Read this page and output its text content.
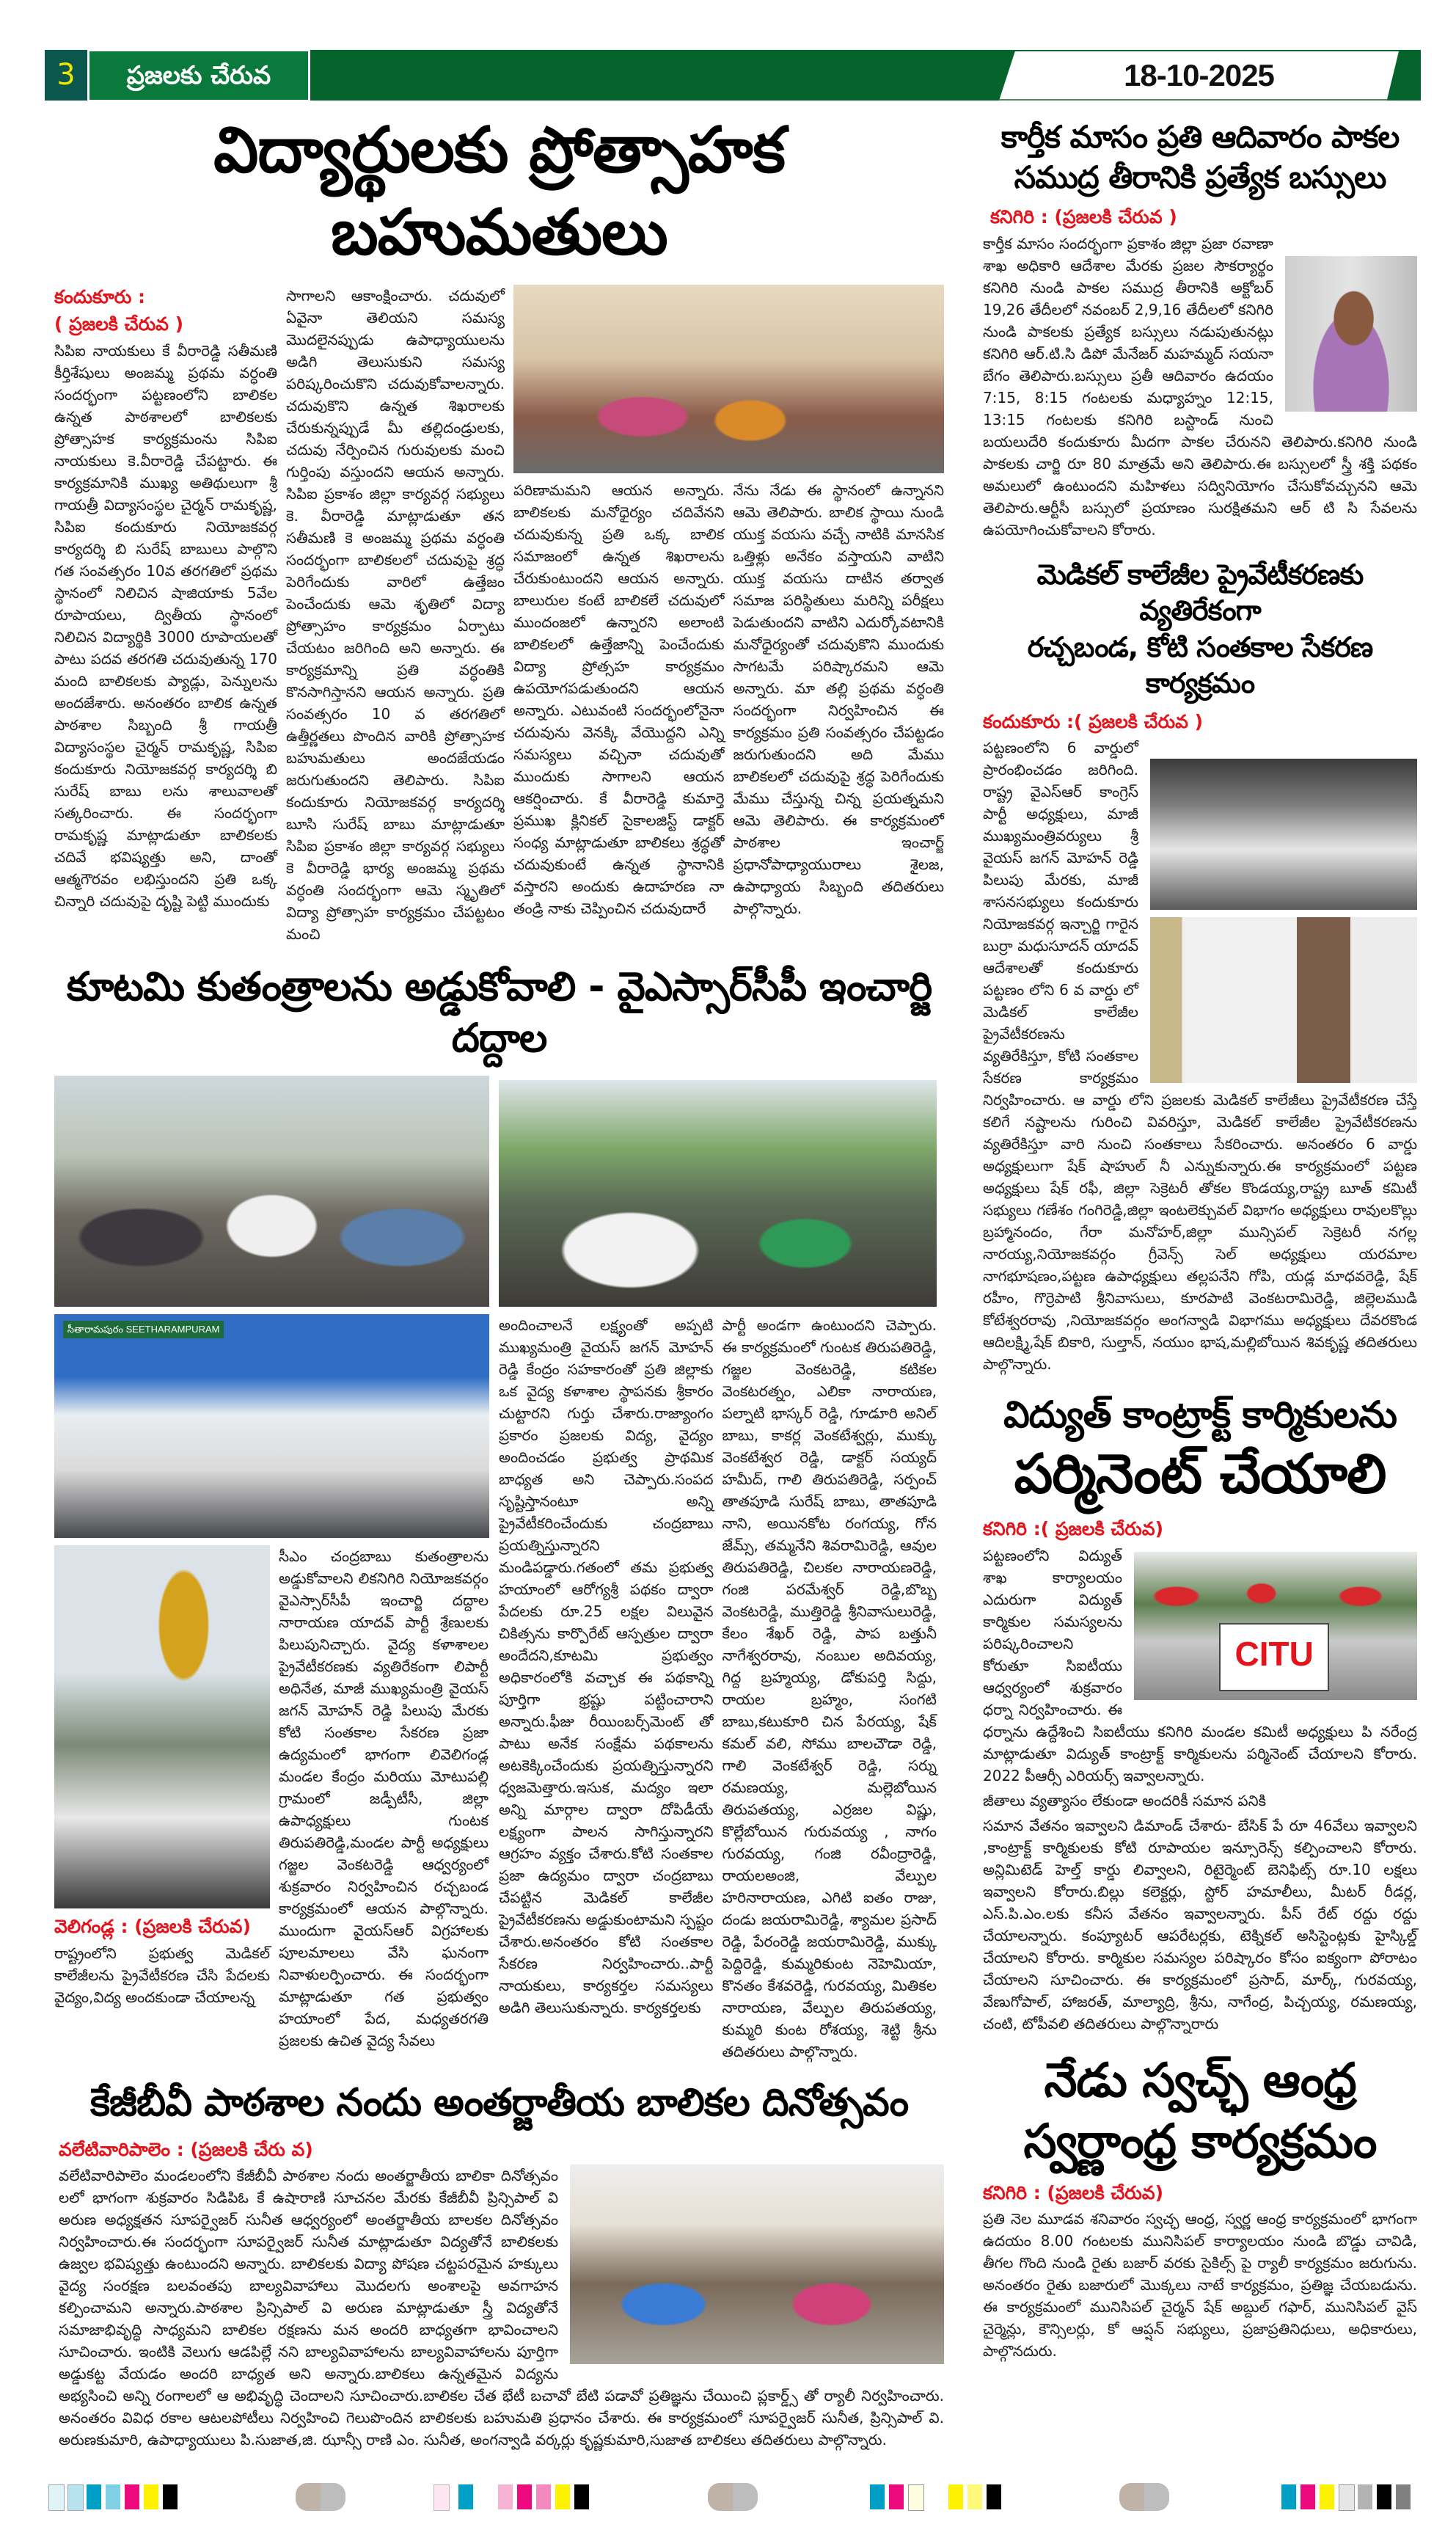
3	ప్రజలకు చేరువ	18-10-2025
విద్యార్థులకు ప్రోత్సాహక బహుమతులు
కందుకూరు :
( ప్రజలకి చేరువ )

సిపిఐ నాయకులు కే వీరారెడ్డి సతీమణి కీర్తిశేషులు అంజమ్మ ప్రథమ వర్ధంతి సందర్భంగా పట్టణంలోని బాలికల ఉన్నత పాఠశాలలో బాలికలకు ప్రోత్సాహక కార్యక్రమంను సిపిఐ నాయకులు కె.వీరారెడ్డి చేపట్టారు. ఈ కార్యక్రమానికి ముఖ్య అతిథులుగా శ్రీ గాయత్రీ విద్యాసంస్థల చైర్మన్ రామకృష్ణ, సిపిఐ కందుకూరు నియోజకవర్గ కార్యదర్శి బి సురేష్ బాబులు పాల్గొని గత సంవత్సరం 10వ తరగతిలో ప్రథమ స్థానంలో నిలిచిన షాజియాకు 5వేల రూపాయలు, ద్వితీయ స్థానంలో నిలిచిన విద్యార్థికి 3000 రూపాయలతో పాటు పదవ తరగతి చదువుతున్న 170 మంది బాలికలకు ప్యాడ్లు, పెన్నులను అందజేశారు. అనంతరం బాలిక ఉన్నత పాఠశాల సిబ్బంది శ్రీ గాయత్రీ విద్యాసంస్థల చైర్మన్ రామకృష్ణ, సిపిఐ కందుకూరు నియోజకవర్గ కార్యదర్శి బి సురేష్ బాబు లను శాలువాలతో సత్కరించారు. ఈ సందర్భంగా రామకృష్ణ మాట్లాడుతూ బాలికలకు చదివే భవిష్యత్తు అని, దాంతో ఆత్మగౌరవం లభిస్తుందని ప్రతి ఒక్క చిన్నారి చదువుపై దృష్టి పెట్టి ముందుకు

సాగాలని ఆకాంక్షించారు. చదువులో ఏవైనా తెలియని సమస్య మొదలైనప్పుడు ఉపాధ్యాయులను అడిగి తెలుసుకుని సమస్య పరిష్కరించుకొని చదువుకోవాలన్నారు. చదువుకొని ఉన్నత శిఖరాలకు చేరుకున్నప్పుడే మీ తల్లిదండ్రులకు, చదువు నేర్పించిన గురువులకు మంచి గుర్తింపు వస్తుందని ఆయన అన్నారు. సిపిఐ ప్రకాశం జిల్లా కార్యవర్గ సభ్యులు కె. వీరారెడ్డి మాట్లాడుతూ తన సతీమణి కె అంజమ్మ ప్రథమ వర్ధంతి సందర్భంగా బాలికలలో చదువుపై శ్రద్ధ పెరిగేందుకు వారిలో ఉత్తేజం పెంచేందుకు ఆమె శృతిలో విద్యా ప్రోత్సాహం కార్యక్రమం ఏర్పాటు చేయటం జరిగింది అని అన్నారు. ఈ కార్యక్రమాన్ని ప్రతి వర్ధంతికి కొనసాగిస్తానని ఆయన అన్నారు. ప్రతి సంవత్సరం 10 వ తరగతిలో ఉత్తీర్ణతలు పొందిన వారికి ప్రోత్సాహక బహుమతులు అందజేయడం జరుగుతుందని తెలిపారు. సిపిఐ కందుకూరు నియోజకవర్గ కార్యదర్శి బూసి సురేష్ బాబు మాట్లాడుతూ సిపిఐ ప్రకాశం జిల్లా కార్యవర్గ సభ్యులు కె వీరారెడ్డి భార్య అంజమ్మ ప్రథమ వర్ధంతి సందర్భంగా ఆమె స్మృతిలో విద్యా ప్రోత్సాహ కార్యక్రమం చేపట్టటం మంచి

పరిణామమని ఆయన అన్నారు. బాలికలకు మనోధైర్యం చదివేనని చదువుకున్న ప్రతి ఒక్క బాలిక సమాజంలో ఉన్నత శిఖరాలను చేరుకుంటుందని ఆయన అన్నారు. బాలురుల కంటే బాలికలే చదువులో ముందంజలో ఉన్నారని అలాంటి బాలికలలో ఉత్తేజాన్ని పెంచేందుకు విద్యా ప్రోత్సహ కార్యక్రమం ఉపయోగపడుతుందని ఆయన అన్నారు. ఎటువంటి సందర్భంలోనైనా చదువును వెనక్కి వేయొద్దని ఎన్ని సమస్యలు వచ్చినా చదువుతో ముందుకు సాగాలని ఆయన ఆకర్షించారు. కే వీరారెడ్డి కుమార్తె ప్రముఖ క్లినికల్ సైకాలజిస్ట్ డాక్టర్ సంధ్య మాట్లాడుతూ బాలికలు శ్రద్ధతో చదువుకుంటే ఉన్నత స్థానానికి వస్తారని అందుకు ఉదాహరణ నా తండ్రి నాకు చెప్పించిన చదువుదారే

నేను నేడు ఈ స్థానంలో ఉన్నానని ఆమె తెలిపారు. బాలిక స్థాయి నుండి యుక్త వయసు వచ్చే నాటికి మానసిక ఒత్తిళ్లు అనేకం వస్తాయని వాటిని యుక్త వయసు దాటిన తర్వాత సమాజ పరిస్థితులు మరిన్ని పరీక్షలు పెడుతుందని వాటిని ఎదుర్కోవటానికి మనోధైర్యంతో చదువుకొని ముందుకు సాగటమే పరిష్కారమని ఆమె అన్నారు. మా తల్లి ప్రథమ వర్ధంతి సందర్భంగా నిర్వహించిన ఈ కార్యక్రమం ప్రతి సంవత్సరం చేపట్టడం జరుగుతుందని అది మేము బాలికలలో చదువుపై శ్రద్ధ పెరిగేందుకు మేము చేస్తున్న చిన్న ప్రయత్నమని ఆమె తెలిపారు. ఈ కార్యక్రమంలో పాఠశాల ఇంచార్జ్ ప్రధానోపాధ్యాయురాలు శైలజ, ఉపాధ్యాయ సిబ్బంది తదితరులు పాల్గొన్నారు.

కూటమి కుతంత్రాలను అడ్డుకోవాలి - వైఎస్సార్‌సీపీ ఇంచార్జి దద్దాల
సీతారామపురం SEETHARAMPURAM
వెలిగండ్ల : (ప్రజలకి చేరువ)

రాష్ట్రంలోని ప్రభుత్వ మెడికల్ కాలేజీలను ప్రైవేటీకరణ చేసి పేదలకు వైద్యం,విద్య అందకుండా చేయాలన్న

సీఎం చంద్రబాబు కుతంత్రాలను అడ్డుకోవాలని లికనిగిరి నియోజకవర్గం వైఎస్సార్‌సీపీ ఇంచార్జి దద్దాల నారాయణ యాదవ్ పార్టీ శ్రేణులకు పిలుపునిచ్చారు. వైద్య కళాశాలల ప్రైవేటీకరణకు వ్యతిరేకంగా లిపార్టీ అధినేత, మాజీ ముఖ్యమంత్రి వైయస్ జగన్ మోహన్ రెడ్డి పిలుపు మేరకు కోటి సంతకాల సేకరణ ప్రజా ఉద్యమంలో భాగంగా లివెలిగండ్ల మండల కేంద్రం మరియు మోటుపల్లి గ్రామంలో జడ్పీటీసీ, జిల్లా ఉపాధ్యక్షులు గుంటక తిరుపతిరెడ్డి,మండల పార్టీ అధ్యక్షులు గజ్జల వెంకటరెడ్డి ఆధ్వర్యంలో శుక్రవారం నిర్వహించిన రచ్చబండ కార్యక్రమంలో ఆయన పాల్గొన్నారు. ముందుగా వైయస్ఆర్ విగ్రహాలకు పూలమాలలు వేసి ఘనంగా నివాళులర్పించారు. ఈ సందర్భంగా మాట్లాడుతూ గత ప్రభుత్వం హయాంలో పేద, మధ్యతరగతి ప్రజలకు ఉచిత వైద్య సేవలు

అందించాలనే లక్ష్యంతో అప్పటి ముఖ్యమంత్రి వైయస్ జగన్ మోహన్ రెడ్డి కేంద్రం సహకారంతో ప్రతి జిల్లాకు ఒక వైద్య కళాశాల స్థాపనకు శ్రీకారం చుట్టారని గుర్తు చేశారు.రాజ్యాంగం ప్రకారం ప్రజలకు విద్య, వైద్యం అందించడం ప్రభుత్వ ప్రాథమిక బాధ్యత అని చెప్పారు.సంపద సృష్టిస్తానంటూ అన్ని ప్రైవేటీకరించేందుకు చంద్రబాబు ప్రయత్నిస్తున్నారని మండిపడ్డారు.గతంలో తమ ప్రభుత్వ హయాంలో ఆరోగ్యశ్రీ పథకం ద్వారా పేదలకు రూ.25 లక్షల విలువైన చికిత్సను కార్పొరేట్ ఆస్పత్రుల ద్వారా అందేదని,కూటమి ప్రభుత్వం అధికారంలోకి వచ్చాక ఈ పథకాన్ని పూర్తిగా భ్రష్టు పట్టించారాని అన్నారు.ఫీజు రీయింబర్స్‌మెంట్ తో పాటు అనేక సంక్షేమ పథకాలను అటకెక్కించేందుకు ప్రయత్నిస్తున్నారని ధ్వజమెత్తారు.ఇసుక, మద్యం ఇలా అన్ని మార్గాల ద్వారా దోపిడీయే లక్ష్యంగా పాలన సాగిస్తున్నారని ఆగ్రహం వ్యక్తం చేశారు.కోటి సంతకాల ప్రజా ఉద్యమం ద్వారా చంద్రబాబు చేపట్టిన మెడికల్ కాలేజీల ప్రైవేటీకరణను అడ్డుకుంటామని స్పష్టం చేశారు.అనంతరం కోటి సంతకాల సేకరణ నిర్వహించారు..పార్టీ నాయకులు, కార్యకర్తల సమస్యలు అడిగి తెలుసుకున్నారు. కార్యకర్తలకు

పార్టీ అండగా ఉంటుందని చెప్పారు. ఈ కార్యక్రమంలో గుంటక తిరుపతిరెడ్డి, గజ్జల వెంకటరెడ్డి, కటికల వెంకటరత్నం, ఎలికా నారాయణ, పల్నాటి భాస్కర్ రెడ్డి, గూడూరి అనిల్ బాబు, కాకర్ల వెంకటేశ్వర్లు, ముక్కు వెంకటేశ్వర రెడ్డి, డాక్టర్ సయ్యద్ హమీద్, గాలి తిరుపతిరెడ్డి, సర్పంచ్ తాతపూడి సురేష్ బాబు, తాతపూడి నాని, అయినకోట రంగయ్య, గోన జేమ్స్, తమ్మనేని శివరామిరెడ్డి, ఆవుల తిరుపతిరెడ్డి, చిలకల నారాయణరెడ్డి, గంజి పరమేశ్వర్ రెడ్డి,బొబ్బ వెంకటరెడ్డి, ముత్తిరెడ్డి శ్రీనివాసులురెడ్డి, కేలం శేఖర్ రెడ్డి, పాప బత్తునీ నాగేశ్వరరావు, నంబుల అదివయ్య, గిద్ద బ్రహ్మయ్య, డోకుపర్తి సిద్దు, రాయల బ్రహ్మం, సంగటి బాబు,కటుకూరి చిన పేరయ్య, షేక్ కమల్ వలి, సోము బాలచౌడా రెడ్డి, గాలి వెంకటేశ్వర్ రెడ్డి, సర్ను రమణయ్య, మల్లెబోయిన తిరుపతయ్య, ఎర్రజల విష్ణు, కొల్లేబోయిన గురువయ్య , నాగం గురవయ్య, గంజి రవీంద్రారెడ్డి, రాయలఅంజి, వేల్పుల హరినారాయణ, ఎగిటి ఐతం రాజు, దండు జయరామిరెడ్డి, శ్యామల ప్రసాద్ రెడ్డి, పేరంరెడ్డి జయరామిరెడ్డి, ముక్కు పెద్దిరెడ్డి, కుమ్మరికుంట నెహెమియా, కొనతం కేశవరెడ్డి, గురవయ్య, మితికల నారాయణ, వేల్పుల తిరుపతయ్య, కుమ్మరి కుంట రోశయ్య, శెట్టి శ్రీను తదితరులు పాల్గొన్నారు.

కేజీబీవీ పాఠశాల నందు అంతర్జాతీయ బాలికల దినోత్సవం
వలేటివారిపాలెం : (ప్రజలకి చేరు వ)

వలేటివారిపాలెం మండలంలోని కేజీబీవీ పాఠశాల నందు అంతర్జాతీయ బాలికా దినోత్సవం లలో భాగంగా శుక్రవారం సిడిపిఓ కే ఉషారాణి సూచనల మేరకు కేజీబీవీ ప్రిన్సిపాల్ వి అరుణ అధ్యక్షతన సూపర్వైజర్ సునీత ఆధ్వర్యంలో అంతర్జాతీయ బాలకల దినోత్సవం నిర్వహించారు.ఈ సందర్భంగా సూపర్వైజర్ సునీత మాట్లాడుతూ విద్యతోనే బాలికలకు ఉజ్వల భవిష్యత్తు ఉంటుందని అన్నారు. బాలికలకు విద్యా పోషణ చట్టపరమైన హక్కులు వైద్య సంరక్షణ బలవంతపు బాల్యవివాహాలు మొదలగు అంశాలపై అవగాహన కల్పించామని అన్నారు.పాఠశాల ప్రిన్సిపాల్ వి అరుణ మాట్లాడుతూ స్త్రీ విద్యతోనే సమాజాభివృద్ధి సాధ్యమని బాలికల రక్షణను మన అందరి బాధ్యతగా భావించాలని సూచించారు. ఇంటికి వెలుగు ఆడపిల్లే నని బాల్యవివాహాలను బాల్యవివాహాలను పూర్తిగా అడ్డుకట్ట వేయడం అందరి బాధ్యత అని అన్నారు.బాలికలు ఉన్నతమైన విద్యను అభ్యసించి అన్ని రంగాలలో ఆ అభివృద్ధి చెందాలని సూచించారు.బాలికల చేత భేటీ బచావో బేటి పడావో ప్రతిజ్ఞను చేయించి ప్లకార్డ్స్ తో ర్యాలీ నిర్వహించారు. అనంతరం వివిధ రకాల ఆటలపోటీలు నిర్వహించి గెలుపొందిన బాలికలకు బహుమతి ప్రధానం చేశారు. ఈ కార్యక్రమంలో సూపర్వైజర్ సునీత, ప్రిన్సిపాల్ వి. అరుణకుమారి, ఉపాధ్యాయులు పి.సుజాత,జి. ఝాన్సీ రాణి ఎం. సునీత, అంగన్వాడి వర్కర్లు కృష్ణకుమారి,సుజాత బాలికలు తదితరులు పాల్గొన్నారు.

కార్తీక మాసం ప్రతి ఆదివారం పాకల
సముద్ర తీరానికి ప్రత్యేక బస్సులు
కనిగిరి : (ప్రజలకి చేరువ )

కార్తీక మాసం సందర్భంగా ప్రకాశం జిల్లా ప్రజా రవాణా శాఖ అధికారి ఆదేశాల మేరకు ప్రజల సౌకర్యార్థం కనిగిరి నుండి పాకల సముద్ర తీరానికి అక్టోబర్ 19,26 తేదీలలో నవంబర్ 2,9,16 తేదీలలో కనిగిరి నుండి పాకలకు ప్రత్యేక బస్సులు నడుపుతునట్లు కనిగిరి ఆర్.టి.సి డిపో మేనేజర్ మహమ్మద్ సయనా బేగం తెలిపారు.బస్సులు ప్రతీ ఆదివారం ఉదయం 7:15, 8:15 గంటలకు మధ్యాహ్నం 12:15, 13:15 గంటలకు కనిగిరి బస్టాండ్ నుంచి బయలుదేరి కందుకూరు మీదగా పాకల చేరునని తెలిపారు.కనిగిరి నుండి పాకలకు చార్జి రూ 80 మాత్రమే అని తెలిపారు.ఈ బస్సులలో స్త్రీ శక్తి పథకం అమలులో ఉంటుందని మహిళలు సద్వినియోగం చేసుకోవచ్చునని ఆమె తెలిపారు.ఆర్టీసీ బస్సులో ప్రయాణం సురక్షితమని ఆర్ టి సి సేవలను ఉపయోగించుకోవాలని కోరారు.

మెడికల్ కాలేజీల ప్రైవేటీకరణకు వ్యతిరేకంగా
రచ్చబండ, కోటి సంతకాల సేకరణ కార్యక్రమం
కందుకూరు :( ప్రజలకి చేరువ )

పట్టణంలోని 6 వార్డులో ప్రారంభించడం జరిగింది. రాష్ట్ర వైఎస్ఆర్ కాంగ్రెస్ పార్టీ అధ్యక్షులు, మాజీ ముఖ్యమంత్రివర్యులు శ్రీ వైయస్ జగన్ మోహన్ రెడ్డి పిలుపు మేరకు, మాజీ శాసనసభ్యులు కందుకూరు నియోజకవర్గ ఇన్చార్జి గారైన బుర్రా మధుసూదన్ యాదవ్ ఆదేశాలతో కందుకూరు పట్టణం లోని 6 వ వార్డు లో మెడికల్ కాలేజీల ప్రైవేటీకరణను వ్యతిరేకిస్తూ, కోటి సంతకాల సేకరణ కార్యక్రమం నిర్వహించారు. ఆ వార్డు లోని ప్రజలకు మెడికల్ కాలేజీలు ప్రైవేటీకరణ చేస్తే కలిగే నష్టాలను గురించి వివరిస్తూ, మెడికల్ కాలేజీల ప్రైవేటీకరణను వ్యతిరేకిస్తూ వారి నుంచి సంతకాలు సేకరించారు. అనంతరం 6 వార్డు అధ్యక్షులుగా షేక్ షాహుల్ నీ ఎన్నుకున్నారు.ఈ కార్యక్రమంలో పట్టణ అధ్యక్షులు షేక్ రఫీ, జిల్లా సెక్రెటరీ తోకల కొండయ్య,రాష్ట్ర బూత్ కమిటీ సభ్యులు గణేశం గంగిరెడ్డి,జిల్లా ఇంటలెక్చువల్ విభాగం అధ్యక్షులు రావులకొల్లు బ్రహ్మానందం, గేరా మనోహర్,జిల్లా మున్సిపల్ సెక్రెటరీ నగల్ల నారయ్య,నియోజకవర్గం గ్రీవెన్స్ సెల్ అధ్యక్షులు యరమాల నాగభూషణం,పట్టణ ఉపాధ్యక్షులు తల్లపనేని గోపి, యడ్ల మాధవరెడ్డి, షేక్ రహీం, గొర్రెపాటి శ్రీనివాసులు, కూరపాటి వెంకటరామిరెడ్డి, జిల్లెలముడి కోటేశ్వరరావు ,నియోజకవర్గం అంగన్వాడి విభాగము అధ్యక్షులు దేవరకొండ ఆదిలక్ష్మి,షేక్ బికారి, సుల్తాన్, నయుం భాష,మల్లిబోయిన శివకృష్ణ తదితరులు పాల్గొన్నారు.

విద్యుత్ కాంట్రాక్ట్ కార్మికులను
పర్మినెంట్ చేయాలి
కనిగిరి :( ప్రజలకి చేరువ)
CITU

పట్టణంలోని విద్యుత్ శాఖ కార్యాలయం ఎదురుగా విద్యుత్ కార్మికుల సమస్యలను పరిష్కరించాలని కోరుతూ సిఐటీయు ఆధ్వర్యంలో శుక్రవారం ధర్నా నిర్వహించారు. ఈ ధర్నాను ఉద్దేశించి సిఐటీయు కనిగిరి మండల కమిటీ అధ్యక్షులు పి నరేంద్ర మాట్లాడుతూ విద్యుత్ కాంట్రాక్ట్ కార్మికులను పర్మినెంట్ చేయాలని కోరారు. 2022 పీఆర్సీ ఎరియర్స్ ఇవ్వాలన్నారు.

జీతాలు వ్యత్యాసం లేకుండా అందరికీ సమాన పనికి

సమాన వేతనం ఇవ్వాలని డిమాండ్ చేశారు- బేసిక్ పే రూ 46వేలు ఇవ్వాలని ,కాంట్రాక్ట్ కార్మికులకు కోటి రూపాయల ఇన్సూరెన్స్ కల్పించాలని కోరారు. అన్లిమిటెడ్ హెల్త్ కార్డు లివ్వాలని, రిటైర్మెంట్ బెనిఫిట్స్ రూ.10 లక్షలు ఇవ్వాలని కోరారు.బిల్లు కలెక్టర్లు, స్టోర్ హమాలీలు, మీటర్ రీడర్ల, ఎస్.పి.ఎం.లకు కనీస వేతనం ఇవ్వాలన్నారు. పీస్ రేట్ రద్దు రద్దు చేయాలన్నారు. కంప్యూటర్ ఆపరేటర్లకు, టెక్నికల్ అసిస్టెంట్లకు హైస్కిల్డ్ చేయాలని కోరారు. కార్మికుల సమస్యల పరిష్కారం కోసం ఐక్యంగా పోరాటం చేయాలని సూచించారు. ఈ కార్యక్రమంలో ప్రసాద్, మార్క్, గురవయ్య, వేణుగోపాల్, హాజరత్, మాల్యాద్రి, శ్రీను, నాగేంద్ర, పిచ్చయ్య, రమణయ్య, చంటి, టోపీవలి తదితరులు పాల్గొన్నారారు

నేడు స్వచ్ఛ్ ఆంధ్ర
స్వర్ణాంధ్ర కార్యక్రమం
కనిగిరి : (ప్రజలకి చేరువ)

ప్రతి నెల మూడవ శనివారం స్వచ్ఛ ఆంధ్ర, స్వర్ణ ఆంధ్ర కార్యక్రమంలో భాగంగా ఉదయం 8.00 గంటలకు మునిసిపల్ కార్యాలయం నుండి బొడ్డు చావిడి, తీగల గొంది నుండి రైతు బజార్ వరకు సైకిల్స్ పై ర్యాలీ కార్యక్రమం జరుగును. అనంతరం రైతు బజారులో మొక్కలు నాటే కార్యక్రమం, ప్రతిజ్ఞ చేయబడును. ఈ కార్యక్రమంలో మునిసిపల్ చైర్మన్ షేక్ అబ్దుల్ గఫార్, మునిసిపల్ వైస్ చైర్మెన్లు, కౌన్సిలర్లు, కో ఆప్షన్ సభ్యులు, ప్రజాప్రతినిధులు, అధికారులు, పాల్గొనదురు.
